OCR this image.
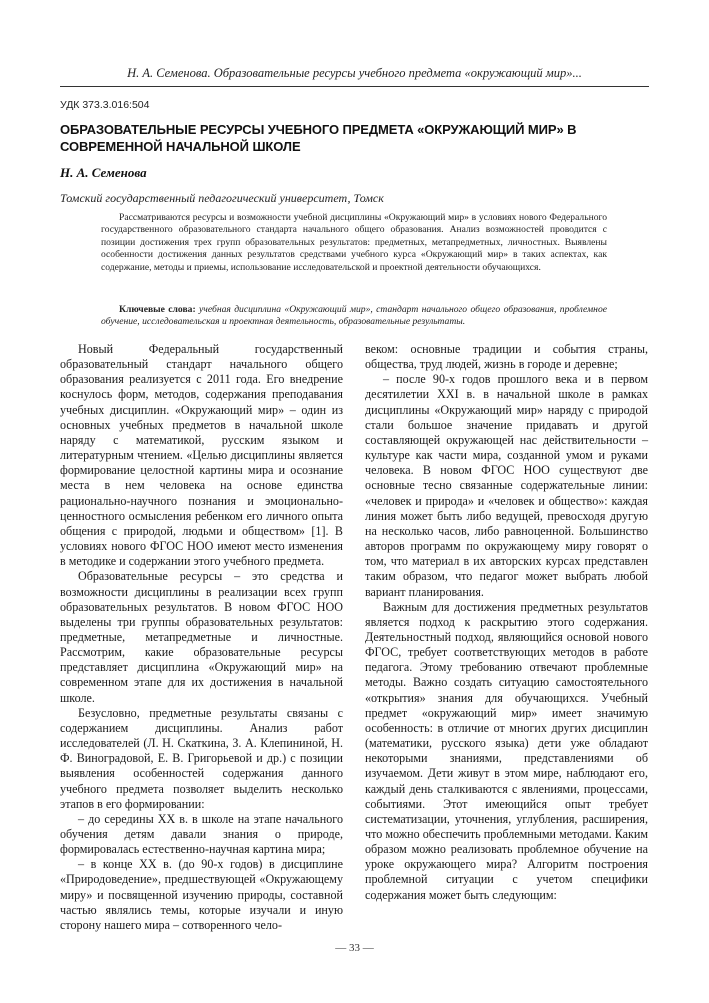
Н. А. Семенова. Образовательные ресурсы учебного предмета «окружающий мир»...
УДК 373.3.016:504
ОБРАЗОВАТЕЛЬНЫЕ РЕСУРСЫ УЧЕБНОГО ПРЕДМЕТА «ОКРУЖАЮЩИЙ МИР» В СОВРЕМЕННОЙ НАЧАЛЬНОЙ ШКОЛЕ
Н. А. Семенова
Томский государственный педагогический университет, Томск

Рассматриваются ресурсы и возможности учебной дисциплины «Окружающий мир» в условиях нового Федерального государственного образовательного стандарта начального общего образования. Анализ возможностей проводится с позиции достижения трех групп образовательных результатов: предметных, метапредметных, личностных. Выявлены особенности достижения данных результатов средствами учебного курса «Окружающий мир» в таких аспектах, как содержание, методы и приемы, использование исследовательской и проектной деятельности обучающихся.

Ключевые слова: учебная дисциплина «Окружающий мир», стандарт начального общего образования, проблемное обучение, исследовательская и проектная деятельность, образовательные результаты.

Новый Федеральный государственный образовательный стандарт начального общего образования реализуется с 2011 года. Его внедрение коснулось форм, методов, содержания преподавания учебных дисциплин. «Окружающий мир» – один из основных учебных предметов в начальной школе наряду с математикой, русским языком и литературным чтением. «Целью дисциплины является формирование целостной картины мира и осознание места в нем человека на основе единства рационально-научного познания и эмоционально-ценностного осмысления ребенком его личного опыта общения с природой, людьми и обществом» [1]. В условиях нового ФГОС НОО имеют место изменения в методике и содержании этого учебного предмета.

Образовательные ресурсы – это средства и возможности дисциплины в реализации всех групп образовательных результатов. В новом ФГОС НОО выделены три группы образовательных результатов: предметные, метапредметные и личностные. Рассмотрим, какие образовательные ресурсы представляет дисциплина «Окружающий мир» на современном этапе для их достижения в начальной школе.

Безусловно, предметные результаты связаны с содержанием дисциплины. Анализ работ исследователей (Л. Н. Скаткина, З. А. Клепининой, Н. Ф. Виноградовой, Е. В. Григорьевой и др.) с позиции выявления особенностей содержания данного учебного предмета позволяет выделить несколько этапов в его формировании:

– до середины XX в. в школе на этапе начального обучения детям давали знания о природе, формировалась естественно-научная картина мира;

– в конце XX в. (до 90-х годов) в дисциплине «Природоведение», предшествующей «Окружающему миру» и посвященной изучению природы, составной частью являлись темы, которые изучали и иную сторону нашего мира – сотворенного чело-

веком: основные традиции и события страны, общества, труд людей, жизнь в городе и деревне;

– после 90-х годов прошлого века и в первом десятилетии XXI в. в начальной школе в рамках дисциплины «Окружающий мир» наряду с природой стали большое значение придавать и другой составляющей окружающей нас действительности – культуре как части мира, созданной умом и руками человека. В новом ФГОС НОО существуют две основные тесно связанные содержательные линии: «человек и природа» и «человек и общество»: каждая линия может быть либо ведущей, превосходя другую на несколько часов, либо равноценной. Большинство авторов программ по окружающему миру говорят о том, что материал в их авторских курсах представлен таким образом, что педагог может выбрать любой вариант планирования.

Важным для достижения предметных результатов является подход к раскрытию этого содержания. Деятельностный подход, являющийся основой нового ФГОС, требует соответствующих методов в работе педагога. Этому требованию отвечают проблемные методы. Важно создать ситуацию самостоятельного «открытия» знания для обучающихся. Учебный предмет «окружающий мир» имеет значимую особенность: в отличие от многих других дисциплин (математики, русского языка) дети уже обладают некоторыми знаниями, представлениями об изучаемом. Дети живут в этом мире, наблюдают его, каждый день сталкиваются с явлениями, процессами, событиями. Этот имеющийся опыт требует систематизации, уточнения, углубления, расширения, что можно обеспечить проблемными методами. Каким образом можно реализовать проблемное обучение на уроке окружающего мира? Алгоритм построения проблемной ситуации с учетом специфики содержания может быть следующим:

— 33 —
